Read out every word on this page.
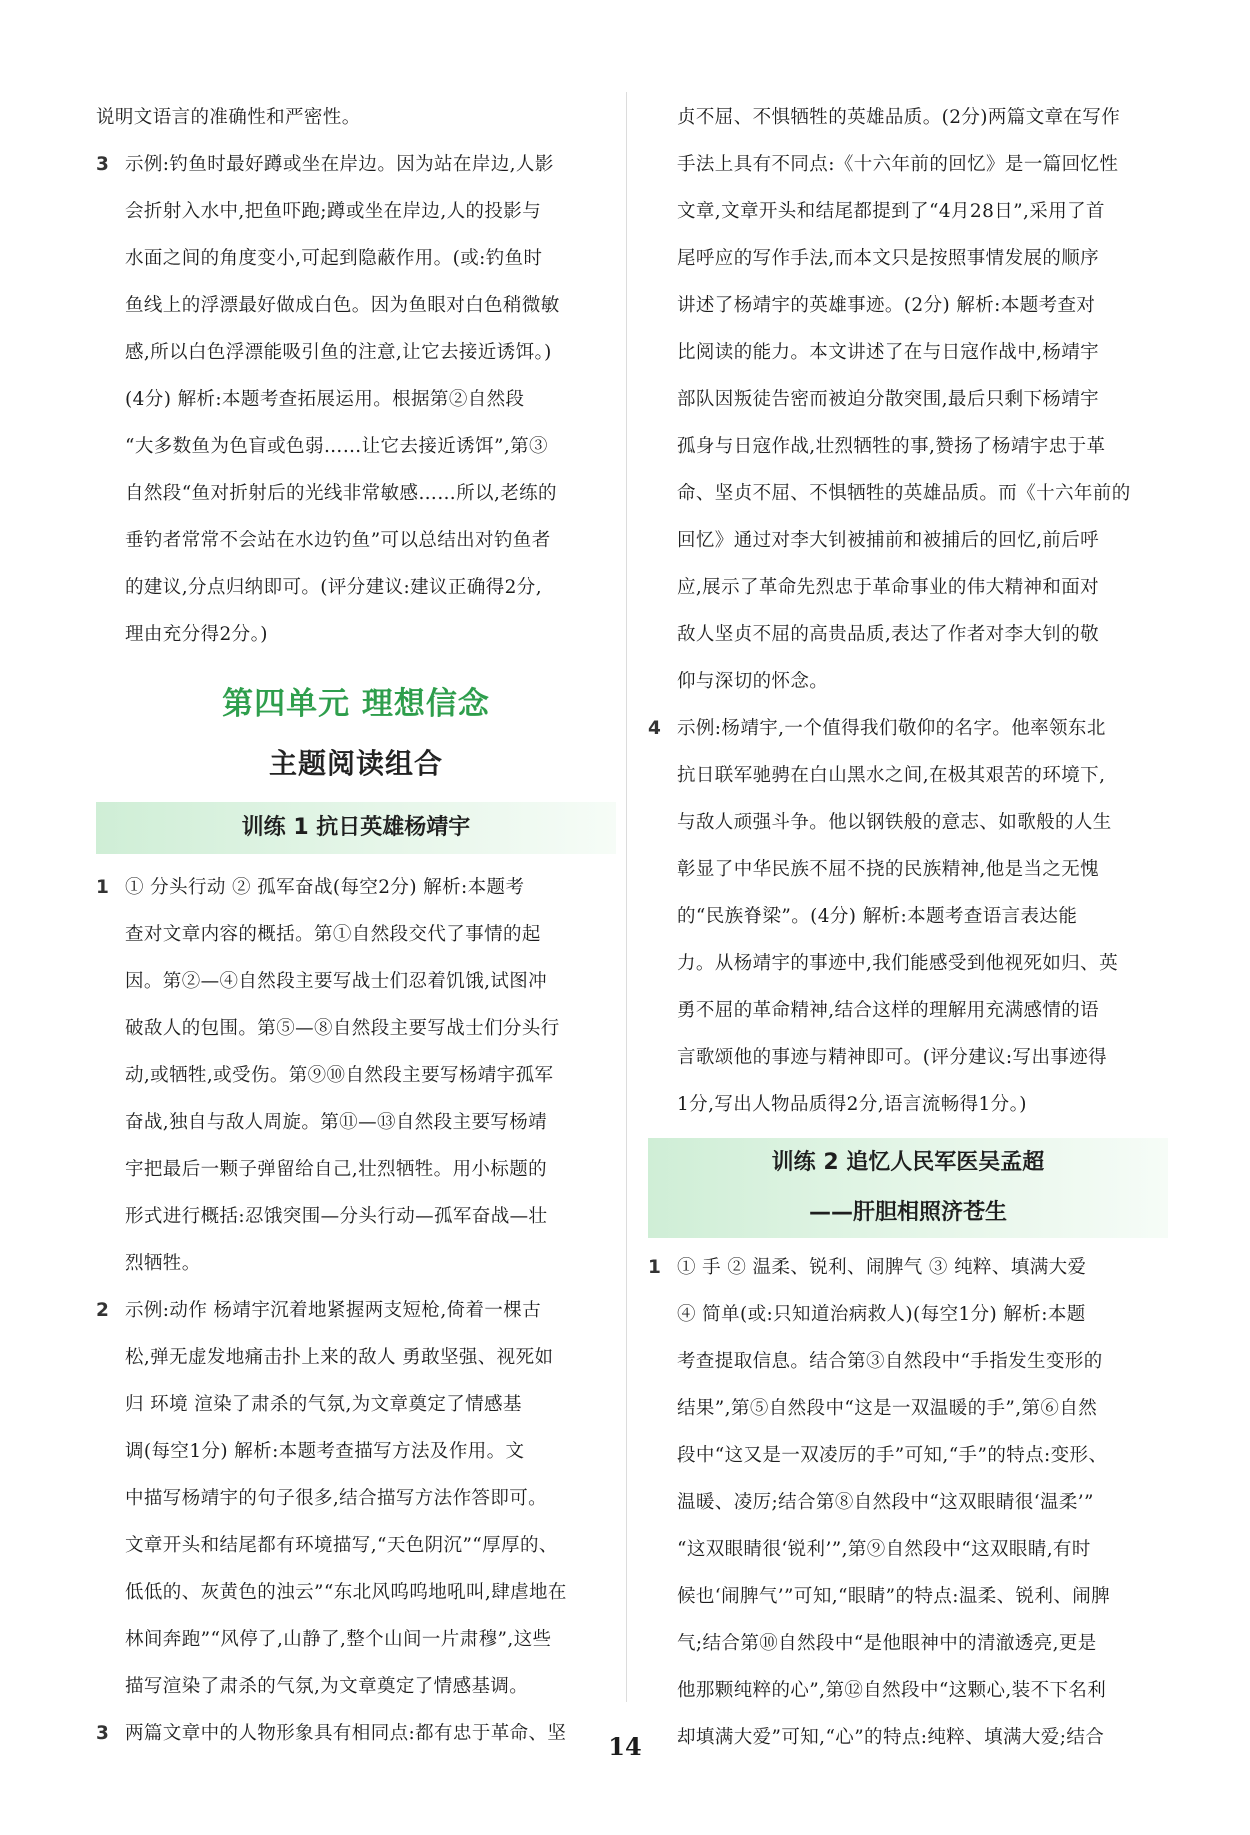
说明文语言的准确性和严密性。
3 示例:钓鱼时最好蹲或坐在岸边。因为站在岸边,人影
会折射入水中,把鱼吓跑;蹲或坐在岸边,人的投影与
水面之间的角度变小,可起到隐蔽作用。(或:钓鱼时
鱼线上的浮漂最好做成白色。因为鱼眼对白色稍微敏
感,所以白色浮漂能吸引鱼的注意,让它去接近诱饵。)
(4分) 解析:本题考查拓展运用。根据第②自然段
“大多数鱼为色盲或色弱……让它去接近诱饵”,第③
自然段“鱼对折射后的光线非常敏感……所以,老练的
垂钓者常常不会站在水边钓鱼”可以总结出对钓鱼者
的建议,分点归纳即可。(评分建议:建议正确得2分,
理由充分得2分。)
第四单元 理想信念
主题阅读组合
训练 1 抗日英雄杨靖宇
1 ① 分头行动 ② 孤军奋战(每空2分) 解析:本题考
查对文章内容的概括。第①自然段交代了事情的起
因。第②—④自然段主要写战士们忍着饥饿,试图冲
破敌人的包围。第⑤—⑧自然段主要写战士们分头行
动,或牺牲,或受伤。第⑨⑩自然段主要写杨靖宇孤军
奋战,独自与敌人周旋。第⑪—⑬自然段主要写杨靖
宇把最后一颗子弹留给自己,壮烈牺牲。用小标题的
形式进行概括:忍饿突围—分头行动—孤军奋战—壮
烈牺牲。
2 示例:动作 杨靖宇沉着地紧握两支短枪,倚着一棵古
松,弹无虚发地痛击扑上来的敌人 勇敢坚强、视死如
归 环境 渲染了肃杀的气氛,为文章奠定了情感基
调(每空1分) 解析:本题考查描写方法及作用。文
中描写杨靖宇的句子很多,结合描写方法作答即可。
文章开头和结尾都有环境描写,“天色阴沉”“厚厚的、
低低的、灰黄色的浊云”“东北风呜呜地吼叫,肆虐地在
林间奔跑”“风停了,山静了,整个山间一片肃穆”,这些
描写渲染了肃杀的气氛,为文章奠定了情感基调。
3 两篇文章中的人物形象具有相同点:都有忠于革命、坚
贞不屈、不惧牺牲的英雄品质。(2分)两篇文章在写作
手法上具有不同点:《十六年前的回忆》是一篇回忆性
文章,文章开头和结尾都提到了“4月28日”,采用了首
尾呼应的写作手法,而本文只是按照事情发展的顺序
讲述了杨靖宇的英雄事迹。(2分) 解析:本题考查对
比阅读的能力。本文讲述了在与日寇作战中,杨靖宇
部队因叛徒告密而被迫分散突围,最后只剩下杨靖宇
孤身与日寇作战,壮烈牺牲的事,赞扬了杨靖宇忠于革
命、坚贞不屈、不惧牺牲的英雄品质。而《十六年前的
回忆》通过对李大钊被捕前和被捕后的回忆,前后呼
应,展示了革命先烈忠于革命事业的伟大精神和面对
敌人坚贞不屈的高贵品质,表达了作者对李大钊的敬
仰与深切的怀念。
4 示例:杨靖宇,一个值得我们敬仰的名字。他率领东北
抗日联军驰骋在白山黑水之间,在极其艰苦的环境下,
与敌人顽强斗争。他以钢铁般的意志、如歌般的人生
彰显了中华民族不屈不挠的民族精神,他是当之无愧
的“民族脊梁”。(4分) 解析:本题考查语言表达能
力。从杨靖宇的事迹中,我们能感受到他视死如归、英
勇不屈的革命精神,结合这样的理解用充满感情的语
言歌颂他的事迹与精神即可。(评分建议:写出事迹得
1分,写出人物品质得2分,语言流畅得1分。)
训练 2 追忆人民军医吴孟超
——肝胆相照济苍生
1 ① 手 ② 温柔、锐利、闹脾气 ③ 纯粹、填满大爱
④ 简单(或:只知道治病救人)(每空1分) 解析:本题
考查提取信息。结合第③自然段中“手指发生变形的
结果”,第⑤自然段中“这是一双温暖的手”,第⑥自然
段中“这又是一双凌厉的手”可知,“手”的特点:变形、
温暖、凌厉;结合第⑧自然段中“这双眼睛很‘温柔’”
“这双眼睛很‘锐利’”,第⑨自然段中“这双眼睛,有时
候也‘闹脾气’”可知,“眼睛”的特点:温柔、锐利、闹脾
气;结合第⑩自然段中“是他眼神中的清澈透亮,更是
他那颗纯粹的心”,第⑫自然段中“这颗心,装不下名利
却填满大爱”可知,“心”的特点:纯粹、填满大爱;结合
14
